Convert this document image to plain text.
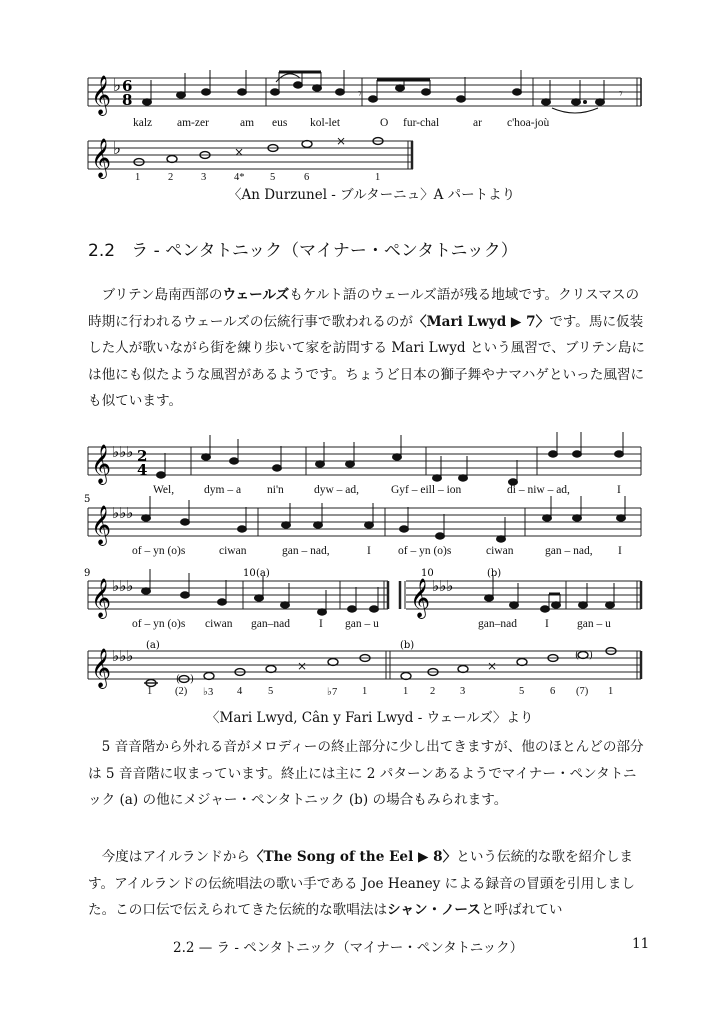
𝄞 ♭ 6
8	𝄾	𝄾
𝄞 ♭	×
×
kalz am-zer	am eus kol-let	O fur-chal	ar c'hoa-joù
1	2	3	4* 5	6	1
〈An Durzunel - ブルターニュ〉A パートより
2.2 ラ - ペンタトニック（マイナー・ペンタトニック）

ブリテン島南西部のウェールズもケルト語のウェールズ語が残る地域です。クリスマスの時期に行われるウェールズの伝統行事で歌われるのが〈Mari Lwyd ▶ 7〉です。馬に仮装した人が歌いながら街を練り歩いて家を訪問する Mari Lwyd という風習で、ブリテン島には他にも似たような風習があるようです。ちょうど日本の獅子舞やナマハゲといった風習にも似ています。

𝄞 ♭♭♭ 2
4
5
𝄞 ♭♭♭
9	10 (a)	10	(b)
𝄞 ♭♭♭	𝄞 ♭♭♭
(a)	(b)
𝄞 ♭♭♭
( )
×	×
( )
Wel,	dym – a ni'n	dyw – ad,	Gyf – eill – ion	di – niw – ad,	I
of – yn (o)s	ciwan	gan – nad,	I of – yn (o)s	ciwan	gan – nad, I
of – yn (o)s ciwan gan–nad	I gan – u	gan–nad I gan – u
1 (2) ♭3 4 5	♭7 1	1 2 3	5 6 (7) 1
〈Mari Lwyd, Cân y Fari Lwyd - ウェールズ〉より

5 音音階から外れる音がメロディーの終止部分に少し出てきますが、他のほとんどの部分は 5 音音階に収まっています。終止には主に 2 パターンあるようでマイナー・ペンタトニック (a) の他にメジャー・ペンタトニック (b) の場合もみられます。

今度はアイルランドから〈The Song of the Eel ▶ 8〉という伝統的な歌を紹介します。アイルランドの伝統唱法の歌い手である Joe Heaney による録音の冒頭を引用しました。この口伝で伝えられてきた伝統的な歌唱法はシャン・ノースと呼ばれてい

2.2 — ラ - ペンタトニック（マイナー・ペンタトニック）	11
